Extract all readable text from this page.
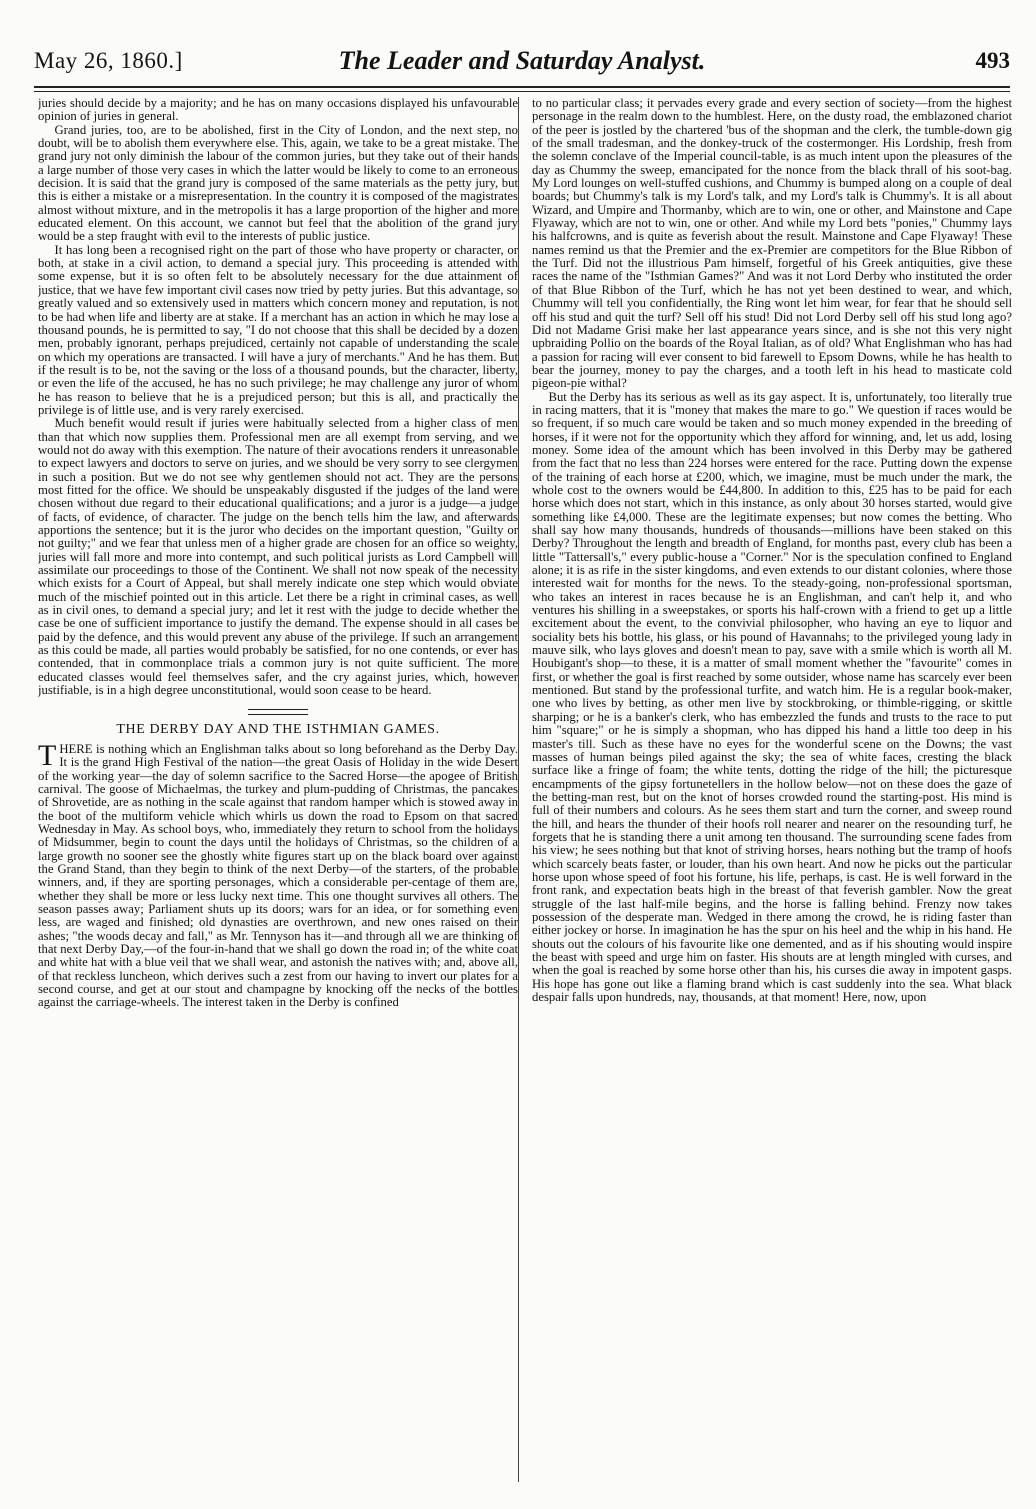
May 26, 1860.]	The Leader and Saturday Analyst.	493

juries should decide by a majority; and he has on many occasions displayed his unfavourable opinion of juries in general.

Grand juries, too, are to be abolished, first in the City of London, and the next step, no doubt, will be to abolish them everywhere else. This, again, we take to be a great mistake. The grand jury not only diminish the labour of the common juries, but they take out of their hands a large number of those very cases in which the latter would be likely to come to an erroneous decision. It is said that the grand jury is composed of the same materials as the petty jury, but this is either a mistake or a misrepresentation. In the country it is composed of the magistrates almost without mixture, and in the metropolis it has a large proportion of the higher and more educated element. On this account, we cannot but feel that the abolition of the grand jury would be a step fraught with evil to the interests of public justice.

It has long been a recognised right on the part of those who have property or character, or both, at stake in a civil action, to demand a special jury. This proceeding is attended with some expense, but it is so often felt to be absolutely necessary for the due attainment of justice, that we have few important civil cases now tried by petty juries. But this advantage, so greatly valued and so extensively used in matters which concern money and reputation, is not to be had when life and liberty are at stake. If a merchant has an action in which he may lose a thousand pounds, he is permitted to say, "I do not choose that this shall be decided by a dozen men, probably ignorant, perhaps prejudiced, certainly not capable of understanding the scale on which my operations are transacted. I will have a jury of merchants." And he has them. But if the result is to be, not the saving or the loss of a thousand pounds, but the character, liberty, or even the life of the accused, he has no such privilege; he may challenge any juror of whom he has reason to believe that he is a prejudiced person; but this is all, and practically the privilege is of little use, and is very rarely exercised.

Much benefit would result if juries were habitually selected from a higher class of men than that which now supplies them. Professional men are all exempt from serving, and we would not do away with this exemption. The nature of their avocations renders it unreasonable to expect lawyers and doctors to serve on juries, and we should be very sorry to see clergymen in such a position. But we do not see why gentlemen should not act. They are the persons most fitted for the office. We should be unspeakably disgusted if the judges of the land were chosen without due regard to their educational qualifications; and a juror is a judge—a judge of facts, of evidence, of character. The judge on the bench tells him the law, and afterwards apportions the sentence; but it is the juror who decides on the important question, "Guilty or not guilty;" and we fear that unless men of a higher grade are chosen for an office so weighty, juries will fall more and more into contempt, and such political jurists as Lord Campbell will assimilate our proceedings to those of the Continent. We shall not now speak of the necessity which exists for a Court of Appeal, but shall merely indicate one step which would obviate much of the mischief pointed out in this article. Let there be a right in criminal cases, as well as in civil ones, to demand a special jury; and let it rest with the judge to decide whether the case be one of sufficient importance to justify the demand. The expense should in all cases be paid by the defence, and this would prevent any abuse of the privilege. If such an arrangement as this could be made, all parties would probably be satisfied, for no one contends, or ever has contended, that in commonplace trials a common jury is not quite sufficient. The more educated classes would feel themselves safer, and the cry against juries, which, however justifiable, is in a high degree unconstitutional, would soon cease to be heard.

THE DERBY DAY AND THE ISTHMIAN GAMES.

THERE is nothing which an Englishman talks about so long beforehand as the Derby Day. It is the grand High Festival of the nation—the great Oasis of Holiday in the wide Desert of the working year—the day of solemn sacrifice to the Sacred Horse—the apogee of British carnival. The goose of Michaelmas, the turkey and plum-pudding of Christmas, the pancakes of Shrovetide, are as nothing in the scale against that random hamper which is stowed away in the boot of the multiform vehicle which whirls us down the road to Epsom on that sacred Wednesday in May. As school boys, who, immediately they return to school from the holidays of Midsummer, begin to count the days until the holidays of Christmas, so the children of a large growth no sooner see the ghostly white figures start up on the black board over against the Grand Stand, than they begin to think of the next Derby—of the starters, of the probable winners, and, if they are sporting personages, which a considerable per-centage of them are, whether they shall be more or less lucky next time. This one thought survives all others. The season passes away; Parliament shuts up its doors; wars for an idea, or for something even less, are waged and finished; old dynasties are overthrown, and new ones raised on their ashes; "the woods decay and fall," as Mr. Tennyson has it—and through all we are thinking of that next Derby Day,—of the four-in-hand that we shall go down the road in; of the white coat and white hat with a blue veil that we shall wear, and astonish the natives with; and, above all, of that reckless luncheon, which derives such a zest from our having to invert our plates for a second course, and get at our stout and champagne by knocking off the necks of the bottles against the carriage-wheels. The interest taken in the Derby is confined

to no particular class; it pervades every grade and every section of society—from the highest personage in the realm down to the humblest. Here, on the dusty road, the emblazoned chariot of the peer is jostled by the chartered 'bus of the shopman and the clerk, the tumble-down gig of the small tradesman, and the donkey-truck of the costermonger. His Lordship, fresh from the solemn conclave of the Imperial council-table, is as much intent upon the pleasures of the day as Chummy the sweep, emancipated for the nonce from the black thrall of his soot-bag. My Lord lounges on well-stuffed cushions, and Chummy is bumped along on a couple of deal boards; but Chummy's talk is my Lord's talk, and my Lord's talk is Chummy's. It is all about Wizard, and Umpire and Thormanby, which are to win, one or other, and Mainstone and Cape Flyaway, which are not to win, one or other. And while my Lord bets "ponies," Chummy lays his halfcrowns, and is quite as feverish about the result. Mainstone and Cape Flyaway! These names remind us that the Premier and the ex-Premier are competitors for the Blue Ribbon of the Turf. Did not the illustrious Pam himself, forgetful of his Greek antiquities, give these races the name of the "Isthmian Games?" And was it not Lord Derby who instituted the order of that Blue Ribbon of the Turf, which he has not yet been destined to wear, and which, Chummy will tell you confidentially, the Ring wont let him wear, for fear that he should sell off his stud and quit the turf? Sell off his stud! Did not Lord Derby sell off his stud long ago? Did not Madame Grisi make her last appearance years since, and is she not this very night upbraiding Pollio on the boards of the Royal Italian, as of old? What Englishman who has had a passion for racing will ever consent to bid farewell to Epsom Downs, while he has health to bear the journey, money to pay the charges, and a tooth left in his head to masticate cold pigeon-pie withal?

But the Derby has its serious as well as its gay aspect. It is, unfortunately, too literally true in racing matters, that it is "money that makes the mare to go." We question if races would be so frequent, if so much care would be taken and so much money expended in the breeding of horses, if it were not for the opportunity which they afford for winning, and, let us add, losing money. Some idea of the amount which has been involved in this Derby may be gathered from the fact that no less than 224 horses were entered for the race. Putting down the expense of the training of each horse at £200, which, we imagine, must be much under the mark, the whole cost to the owners would be £44,800. In addition to this, £25 has to be paid for each horse which does not start, which in this instance, as only about 30 horses started, would give something like £4,000. These are the legitimate expenses; but now comes the betting. Who shall say how many thousands, hundreds of thousands—millions have been staked on this Derby? Throughout the length and breadth of England, for months past, every club has been a little "Tattersall's," every public-house a "Corner." Nor is the speculation confined to England alone; it is as rife in the sister kingdoms, and even extends to our distant colonies, where those interested wait for months for the news. To the steady-going, non-professional sportsman, who takes an interest in races because he is an Englishman, and can't help it, and who ventures his shilling in a sweepstakes, or sports his half-crown with a friend to get up a little excitement about the event, to the convivial philosopher, who having an eye to liquor and sociality bets his bottle, his glass, or his pound of Havannahs; to the privileged young lady in mauve silk, who lays gloves and doesn't mean to pay, save with a smile which is worth all M. Houbigant's shop—to these, it is a matter of small moment whether the "favourite" comes in first, or whether the goal is first reached by some outsider, whose name has scarcely ever been mentioned. But stand by the professional turfite, and watch him. He is a regular book-maker, one who lives by betting, as other men live by stockbroking, or thimble-rigging, or skittle sharping; or he is a banker's clerk, who has embezzled the funds and trusts to the race to put him "square;" or he is simply a shopman, who has dipped his hand a little too deep in his master's till. Such as these have no eyes for the wonderful scene on the Downs; the vast masses of human beings piled against the sky; the sea of white faces, cresting the black surface like a fringe of foam; the white tents, dotting the ridge of the hill; the picturesque encampments of the gipsy fortunetellers in the hollow below—not on these does the gaze of the betting-man rest, but on the knot of horses crowded round the starting-post. His mind is full of their numbers and colours. As he sees them start and turn the corner, and sweep round the hill, and hears the thunder of their hoofs roll nearer and nearer on the resounding turf, he forgets that he is standing there a unit among ten thousand. The surrounding scene fades from his view; he sees nothing but that knot of striving horses, hears nothing but the tramp of hoofs which scarcely beats faster, or louder, than his own heart. And now he picks out the particular horse upon whose speed of foot his fortune, his life, perhaps, is cast. He is well forward in the front rank, and expectation beats high in the breast of that feverish gambler. Now the great struggle of the last half-mile begins, and the horse is falling behind. Frenzy now takes possession of the desperate man. Wedged in there among the crowd, he is riding faster than either jockey or horse. In imagination he has the spur on his heel and the whip in his hand. He shouts out the colours of his favourite like one demented, and as if his shouting would inspire the beast with speed and urge him on faster. His shouts are at length mingled with curses, and when the goal is reached by some horse other than his, his curses die away in impotent gasps. His hope has gone out like a flaming brand which is cast suddenly into the sea. What black despair falls upon hundreds, nay, thousands, at that moment! Here, now, upon
